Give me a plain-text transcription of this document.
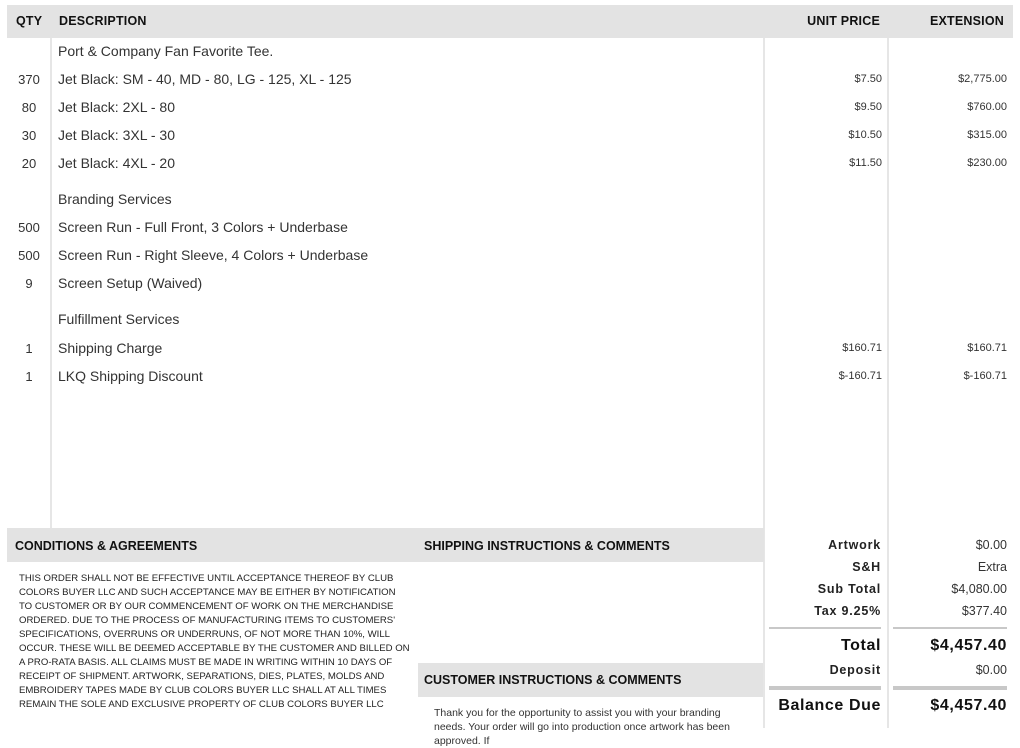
QTY DESCRIPTION	UNIT PRICE	EXTENSION
Port & Company Fan Favorite Tee.
370	Jet Black: SM - 40, MD - 80, LG - 125, XL - 125	$7.50	$2,775.00
80	Jet Black: 2XL - 80	$9.50	$760.00
30	Jet Black: 3XL - 30	$10.50	$315.00
20	Jet Black: 4XL - 20	$11.50	$230.00
Branding Services
500	Screen Run - Full Front, 3 Colors + Underbase
500	Screen Run - Right Sleeve, 4 Colors + Underbase
9	Screen Setup (Waived)
Fulfillment Services
1	Shipping Charge	$160.71	$160.71
1	LKQ Shipping Discount	$-160.71	$-160.71
CONDITIONS & AGREEMENTS	SHIPPING INSTRUCTIONS & COMMENTS
THIS ORDER SHALL NOT BE EFFECTIVE UNTIL ACCEPTANCE THEREOF BY CLUB COLORS BUYER LLC AND SUCH ACCEPTANCE MAY BE EITHER BY NOTIFICATION TO CUSTOMER OR BY OUR COMMENCEMENT OF WORK ON THE MERCHANDISE ORDERED. DUE TO THE PROCESS OF MANUFACTURING ITEMS TO CUSTOMERS' SPECIFICATIONS, OVERRUNS OR UNDERRUNS, OF NOT MORE THAN 10%, WILL OCCUR. THESE WILL BE DEEMED ACCEPTABLE BY THE CUSTOMER AND BILLED ON A PRO-RATA BASIS. ALL CLAIMS MUST BE MADE IN WRITING WITHIN 10 DAYS OF RECEIPT OF SHIPMENT. ARTWORK, SEPARATIONS, DIES, PLATES, MOLDS AND EMBROIDERY TAPES MADE BY CLUB COLORS BUYER LLC SHALL AT ALL TIMES REMAIN THE SOLE AND EXCLUSIVE PROPERTY OF CLUB COLORS BUYER LLC
CUSTOMER INSTRUCTIONS & COMMENTS
Thank you for the opportunity to assist you with your branding needs. Your order will go into production once artwork has been approved. If
Artwork	$0.00
S&H	Extra
Sub Total	$4,080.00
Tax 9.25%	$377.40
Total	$4,457.40
Deposit	$0.00
Balance Due	$4,457.40
